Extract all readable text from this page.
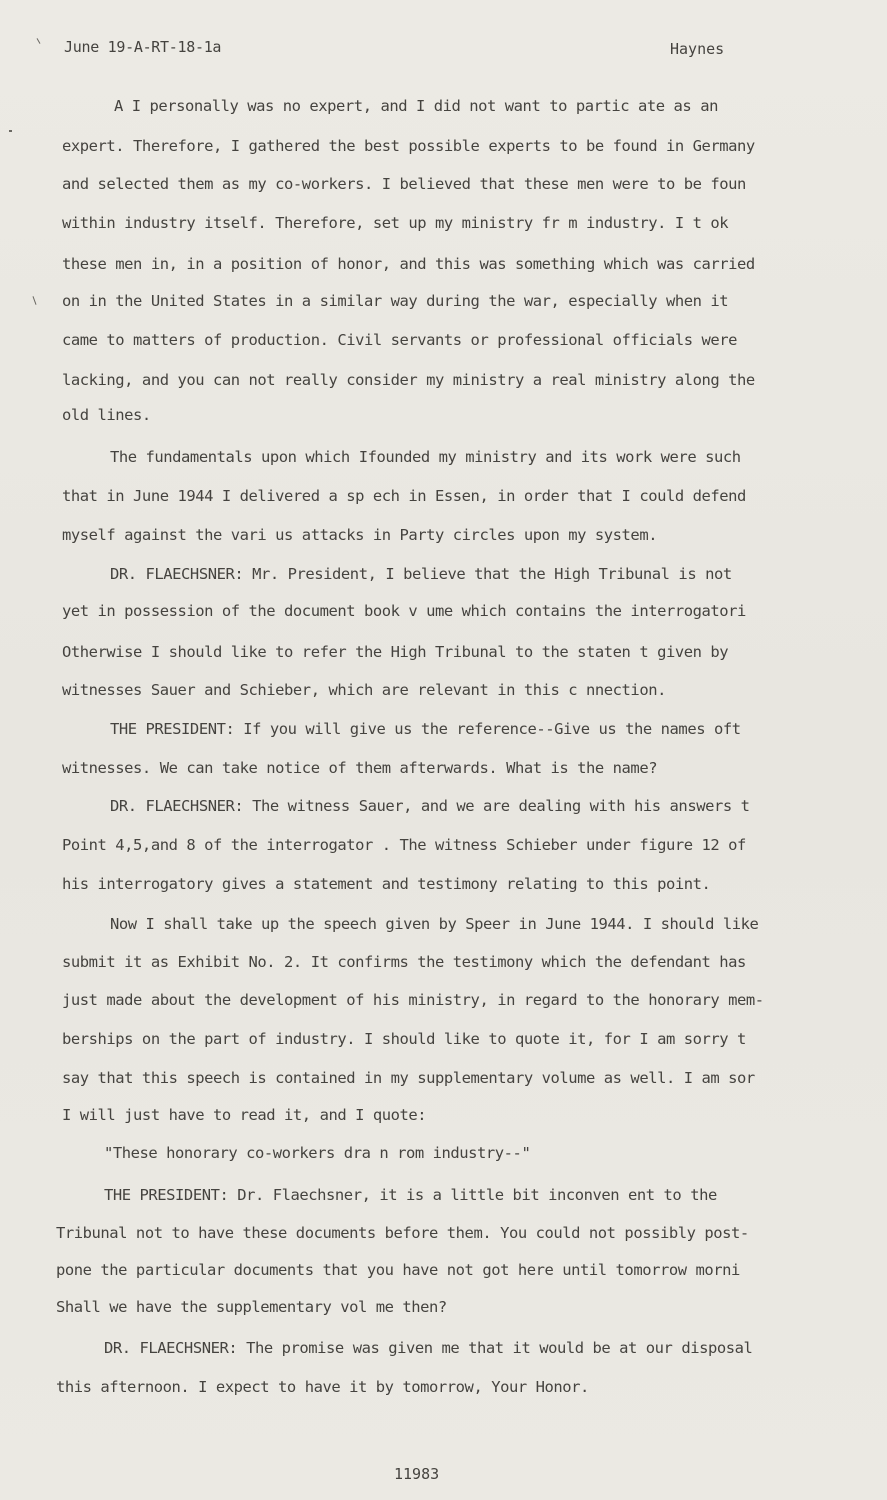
June 19-A-RT-18-1a	Haynes
A I personally was no expert, and I did not want to partic ate as an
expert. Therefore, I gathered the best possible experts to be found in Germany
and selected them as my co-workers. I believed that these men were to be foun
within industry itself. Therefore, set up my ministry fr m industry. I t ok
these men in, in a position of honor, and this was something which was carried
on in the United States in a similar way during the war, especially when it
came to matters of production. Civil servants or professional officials were
lacking, and you can not really consider my ministry a real ministry along the
old lines.
The fundamentals upon which Ifounded my ministry and its work were such
that in June 1944 I delivered a sp ech in Essen, in order that I could defend
myself against the vari us attacks in Party circles upon my system.
DR. FLAECHSNER: Mr. President, I believe that the High Tribunal is not
yet in possession of the document book v ume which contains the interrogatori
Otherwise I should like to refer the High Tribunal to the staten t given by
witnesses Sauer and Schieber, which are relevant in this c nnection.
THE PRESIDENT: If you will give us the reference--Give us the names oft
witnesses. We can take notice of them afterwards. What is the name?
DR. FLAECHSNER: The witness Sauer, and we are dealing with his answers t
Point 4,5,and 8 of the interrogator . The witness Schieber under figure 12 of
his interrogatory gives a statement and testimony relating to this point.
Now I shall take up the speech given by Speer in June 1944. I should like
submit it as Exhibit No. 2. It confirms the testimony which the defendant has
just made about the development of his ministry, in regard to the honorary mem-
berships on the part of industry. I should like to quote it, for I am sorry t
say that this speech is contained in my supplementary volume as well. I am sor
I will just have to read it, and I quote:
"These honorary co-workers dra n rom industry--"
THE PRESIDENT: Dr. Flaechsner, it is a little bit inconven ent to the
Tribunal not to have these documents before them. You could not possibly post-
pone the particular documents that you have not got here until tomorrow morni
Shall we have the supplementary vol me then?
DR. FLAECHSNER: The promise was given me that it would be at our disposal
this afternoon. I expect to have it by tomorrow, Your Honor.
11983
